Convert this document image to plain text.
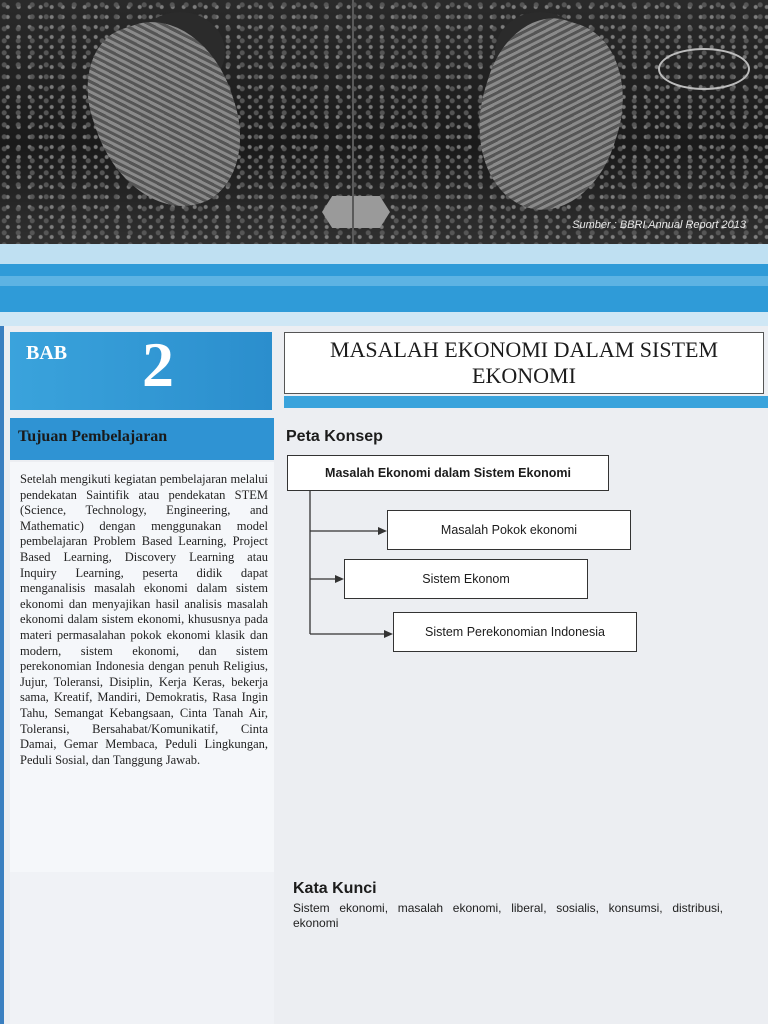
Sumber : BBRI Annual Report 2013
BAB 2	MASALAH EKONOMI DALAM SISTEM EKONOMI
Tujuan Pembelajaran
Setelah mengikuti kegiatan pembelajaran melalui pendekatan Saintifik atau pendekatan STEM (Science, Technology, Engineering, and Mathematic) dengan menggunakan model pembelajaran Problem Based Learning, Project Based Learning, Discovery Learning atau Inquiry Learning, peserta didik dapat menganalisis masalah ekonomi dalam sistem ekonomi dan menyajikan hasil analisis masalah ekonomi dalam sistem ekonomi, khususnya pada materi permasalahan pokok ekonomi klasik dan modern, sistem ekonomi, dan sistem perekonomian Indonesia dengan penuh Religius, Jujur, Toleransi, Disiplin, Kerja Keras, bekerja sama, Kreatif, Mandiri, Demokratis, Rasa Ingin Tahu, Semangat Kebangsaan, Cinta Tanah Air, Toleransi, Bersahabat/Komunikatif, Cinta Damai, Gemar Membaca, Peduli Lingkungan, Peduli Sosial, dan Tanggung Jawab.
Peta Konsep
Masalah Ekonomi dalam Sistem Ekonomi
Masalah Pokok ekonomi
Sistem Ekonom
Sistem Perekonomian Indonesia
Kata Kunci
Sistem ekonomi, masalah ekonomi, liberal, sosialis, konsumsi, distribusi, ekonomi
